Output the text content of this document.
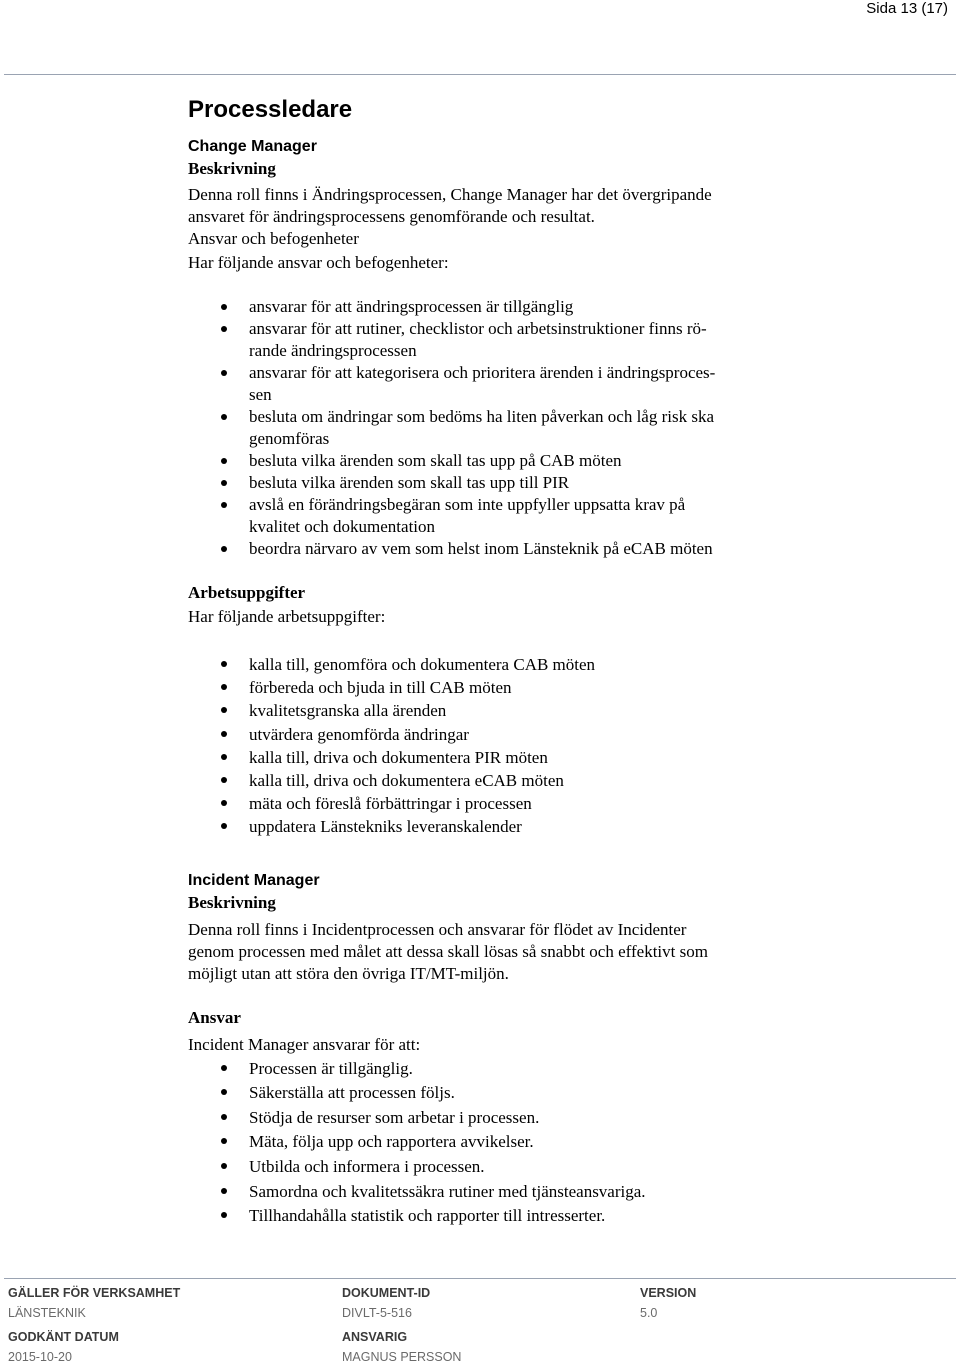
Sida 13 (17)
Processledare

Change Manager

Beskrivning

Denna roll finns i Ändringsprocessen, Change Manager har det övergripande

ansvaret för ändringsprocessens genomförande och resultat.

Ansvar och befogenheter

Har följande ansvar och befogenheter:

ansvarar för att ändringsprocessen är tillgänglig
ansvarar för att rutiner, checklistor och arbetsinstruktioner finns rö-
rande ändringsprocessen
ansvarar för att kategorisera och prioritera ärenden i ändringsproces-
sen
besluta om ändringar som bedöms ha liten påverkan och låg risk ska
genomföras
besluta vilka ärenden som skall tas upp på CAB möten
besluta vilka ärenden som skall tas upp till PIR
avslå en förändringsbegäran som inte uppfyller uppsatta krav på
kvalitet och dokumentation
beordra närvaro av vem som helst inom Länsteknik på eCAB möten

Arbetsuppgifter

Har följande arbetsuppgifter:

kalla till, genomföra och dokumentera CAB möten
förbereda och bjuda in till CAB möten
kvalitetsgranska alla ärenden
utvärdera genomförda ändringar
kalla till, driva och dokumentera PIR möten
kalla till, driva och dokumentera eCAB möten
mäta och föreslå förbättringar i processen
uppdatera Länstekniks leveranskalender

Incident Manager

Beskrivning

Denna roll finns i Incidentprocessen och ansvarar för flödet av Incidenter

genom processen med målet att dessa skall lösas så snabbt och effektivt som

möjligt utan att störa den övriga IT/MT-miljön.

Ansvar

Incident Manager ansvarar för att:

Processen är tillgänglig.
Säkerställa att processen följs.
Stödja de resurser som arbetar i processen.
Mäta, följa upp och rapportera avvikelser.
Utbilda och informera i processen.
Samordna och kvalitetssäkra rutiner med tjänsteansvariga.
Tillhandahålla statistik och rapporter till intresserter.
GÄLLER FÖR VERKSAMHET
LÄNSTEKNIK
DOKUMENT-ID
DIVLT-5-516
VERSION
5.0
GODKÄNT DATUM
2015-10-20
ANSVARIG
MAGNUS PERSSON
